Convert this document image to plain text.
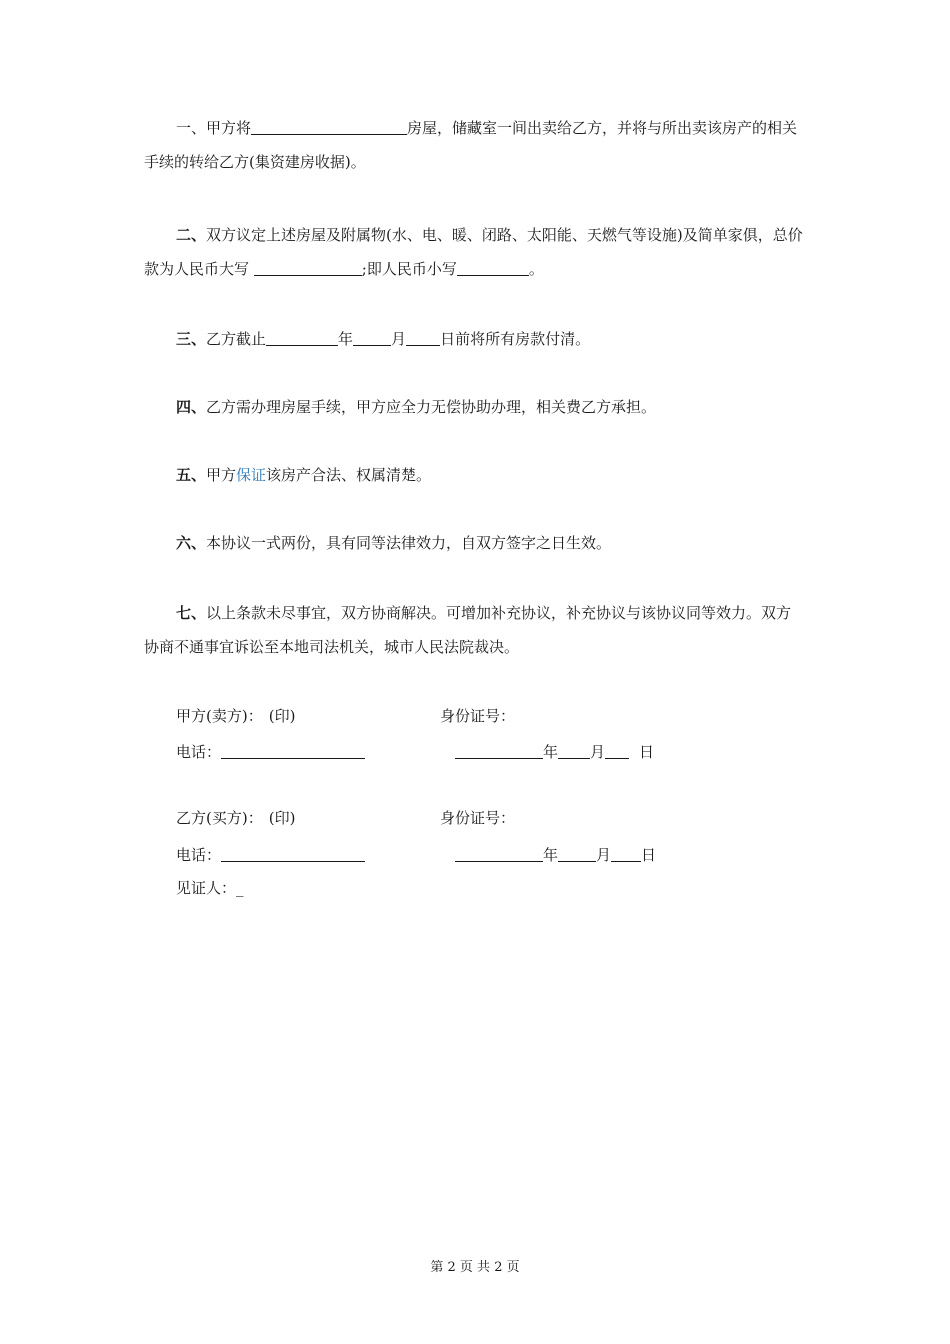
一、甲方将	房屋，储藏室一间出卖给乙方，并将与所出卖该房产的相关手续的转给乙方(集资建房收据)。

二、双方议定上述房屋及附属物(水、电、暖、闭路、太阳能、天燃气等设施)及简单家俱，总价款为人民币大写	;即人民币小写	。

三、乙方截止	年	月 日前将所有房款付清。

四、乙方需办理房屋手续，甲方应全力无偿协助办理，相关费乙方承担。

五、甲方保证该房产合法、权属清楚。

六、本协议一式两份，具有同等法律效力，自双方签字之日生效。

七、以上条款未尽事宜，双方协商解决。可增加补充协议，补充协议与该协议同等效力。双方协商不通事宜诉讼至本地司法机关，城市人民法院裁决。

甲方(卖方)： (印)	身份证号：
电话：	年 月 日
乙方(买方)： (印)	身份证号：
电话：	年	月 日
见证人：_
第 2 页 共 2 页
